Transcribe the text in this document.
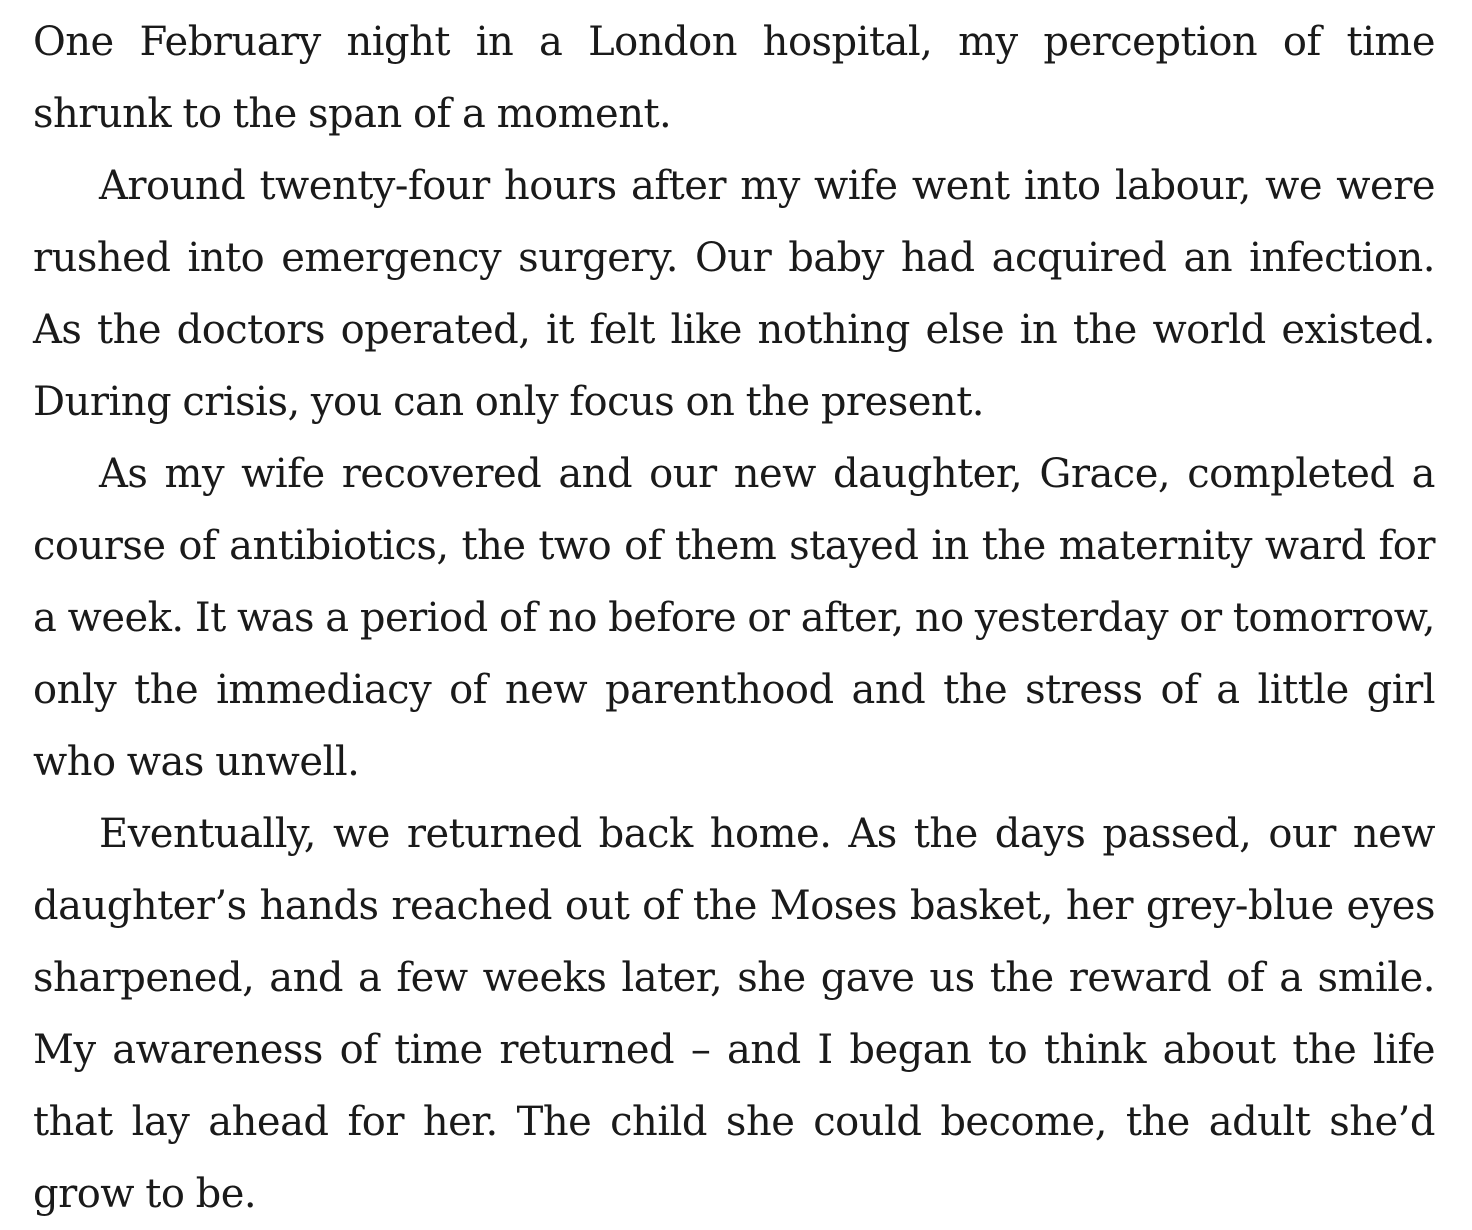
One February night in a London hospital, my perception of time shrunk to the span of a moment.

Around twenty-four hours after my wife went into labour, we were rushed into emergency surgery. Our baby had acquired an infection. As the doctors operated, it felt like nothing else in the world existed. During crisis, you can only focus on the present.

As my wife recovered and our new daughter, Grace, completed a course of antibiotics, the two of them stayed in the maternity ward for a week. It was a period of no before or after, no yesterday or tomorrow, only the immediacy of new parenthood and the stress of a little girl who was unwell.

Eventually, we returned back home. As the days passed, our new daughter’s hands reached out of the Moses basket, her grey-blue eyes sharpened, and a few weeks later, she gave us the reward of a smile. My awareness of time returned – and I began to think about the life that lay ahead for her. The child she could become, the adult she’d grow to be.
